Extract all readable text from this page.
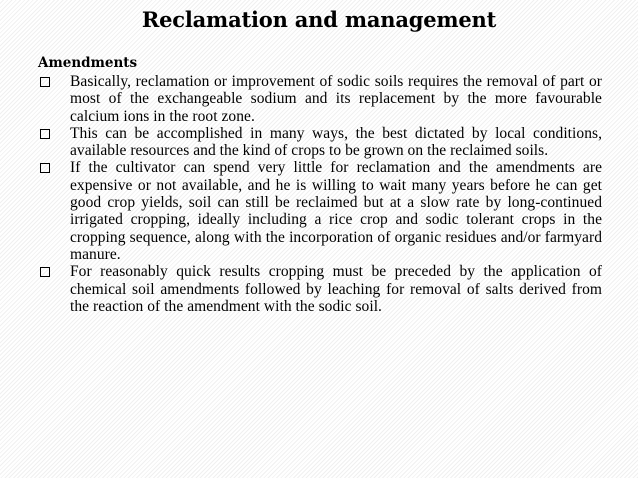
Reclamation and management
Amendments
Basically, reclamation or improvement of sodic soils requires the removal of part or most of the exchangeable sodium and its replacement by the more favourable calcium ions in the root zone.
This can be accomplished in many ways, the best dictated by local conditions, available resources and the kind of crops to be grown on the reclaimed soils.
If the cultivator can spend very little for reclamation and the amendments are expensive or not available, and he is willing to wait many years before he can get good crop yields, soil can still be reclaimed but at a slow rate by long-continued irrigated cropping, ideally including a rice crop and sodic tolerant crops in the cropping sequence, along with the incorporation of organic residues and/or farmyard manure.
For reasonably quick results cropping must be preceded by the application of chemical soil amendments followed by leaching for removal of salts derived from the reaction of the amendment with the sodic soil.
